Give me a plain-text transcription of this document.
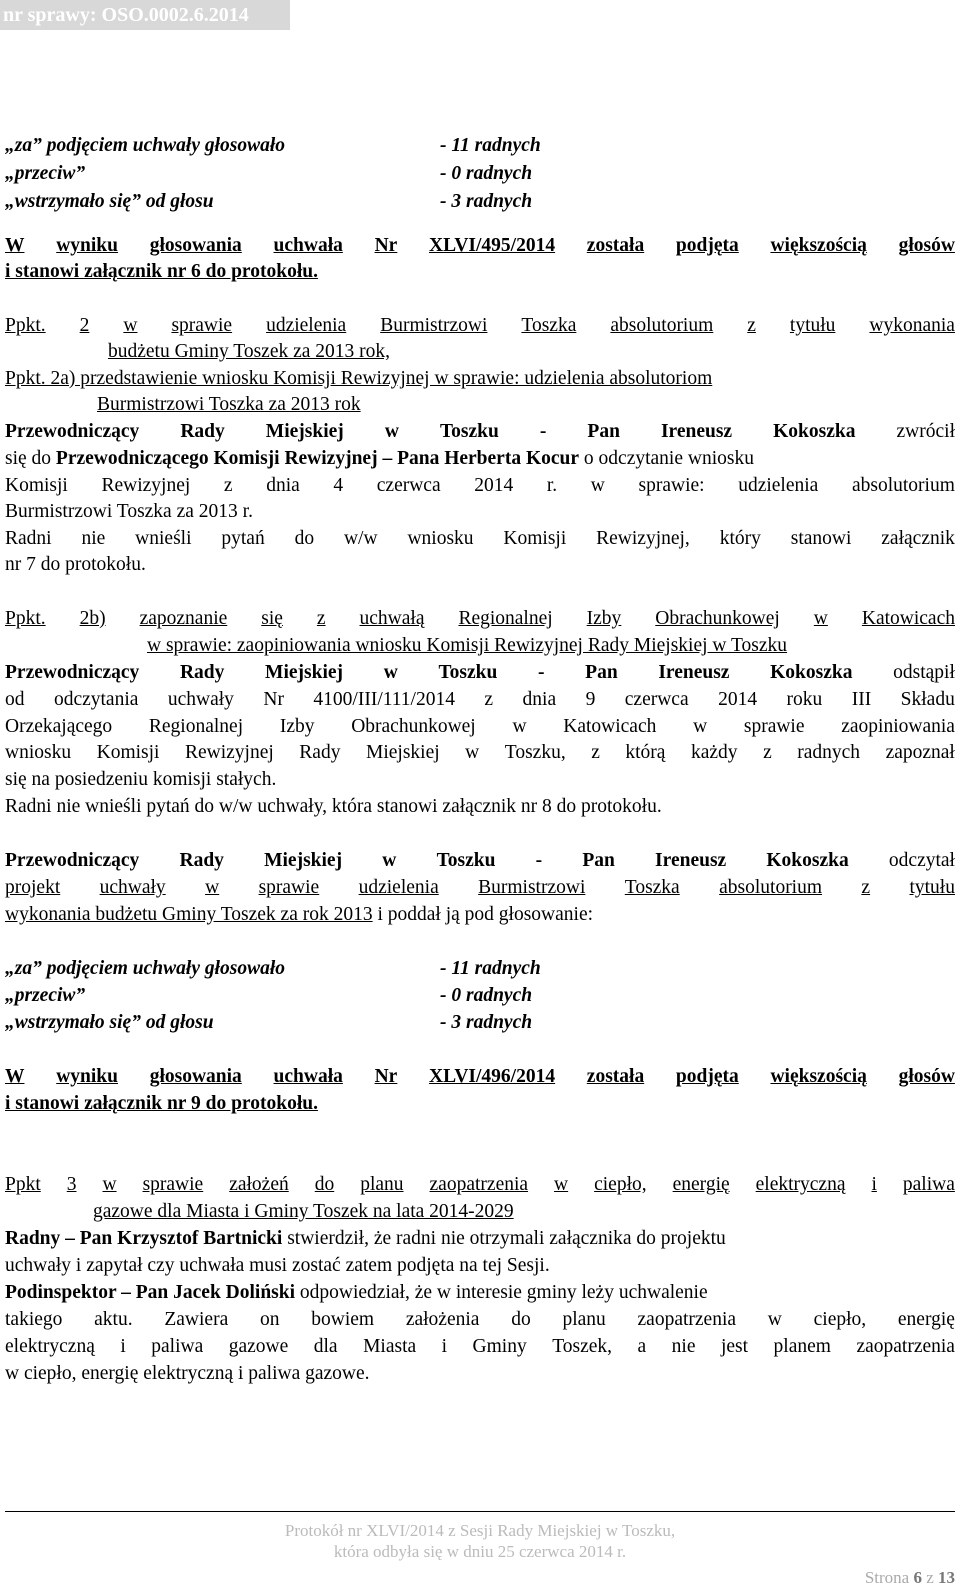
nr sprawy: OSO.0002.6.2014
„za” podjęciem uchwały głosowało	- 11 radnych
„przeciw”	- 0 radnych
„wstrzymało się” od głosu	- 3 radnych
W wyniku głosowania uchwała Nr XLVI/495/2014 została podjęta większością głosów
i stanowi załącznik nr 6 do protokołu.
Ppkt. 2 w sprawie udzielenia Burmistrzowi Toszka absolutorium z tytułu wykonania
budżetu Gminy Toszek za 2013 rok,
Ppkt. 2a) przedstawienie wniosku Komisji Rewizyjnej w sprawie: udzielenia absolutoriom
Burmistrzowi Toszka za 2013 rok
Przewodniczący Rady Miejskiej w Toszku - Pan Ireneusz Kokoszka zwrócił
się do Przewodniczącego Komisji Rewizyjnej – Pana Herberta Kocur o odczytanie wniosku
Komisji Rewizyjnej z dnia 4 czerwca 2014 r. w sprawie: udzielenia absolutorium
Burmistrzowi Toszka za 2013 r.
Radni nie wnieśli pytań do w/w wniosku Komisji Rewizyjnej, który stanowi załącznik
nr 7 do protokołu.
Ppkt. 2b) zapoznanie się z uchwałą Regionalnej Izby Obrachunkowej w Katowicach
w sprawie: zaopiniowania wniosku Komisji Rewizyjnej Rady Miejskiej w Toszku
Przewodniczący Rady Miejskiej w Toszku - Pan Ireneusz Kokoszka odstąpił
od odczytania uchwały Nr 4100/III/111/2014 z dnia 9 czerwca 2014 roku III Składu
Orzekającego Regionalnej Izby Obrachunkowej w Katowicach w sprawie zaopiniowania
wniosku Komisji Rewizyjnej Rady Miejskiej w Toszku, z którą każdy z radnych zapoznał
się na posiedzeniu komisji stałych.
Radni nie wnieśli pytań do w/w uchwały, która stanowi załącznik nr 8 do protokołu.
Przewodniczący Rady Miejskiej w Toszku - Pan Ireneusz Kokoszka odczytał
projekt uchwały w sprawie udzielenia Burmistrzowi Toszka absolutorium z tytułu
wykonania budżetu Gminy Toszek za rok 2013 i poddał ją pod głosowanie:
„za” podjęciem uchwały głosowało	- 11 radnych
„przeciw”	- 0 radnych
„wstrzymało się” od głosu	- 3 radnych
W wyniku głosowania uchwała Nr XLVI/496/2014 została podjęta większością głosów
i stanowi załącznik nr 9 do protokołu.
Ppkt 3 w sprawie założeń do planu zaopatrzenia w ciepło, energię elektryczną i paliwa
gazowe dla Miasta i Gminy Toszek na lata 2014-2029
Radny – Pan Krzysztof Bartnicki stwierdził, że radni nie otrzymali załącznika do projektu
uchwały i zapytał czy uchwała musi zostać zatem podjęta na tej Sesji.
Podinspektor – Pan Jacek Doliński odpowiedział, że w interesie gminy leży uchwalenie
takiego aktu. Zawiera on bowiem założenia do planu zaopatrzenia w ciepło, energię
elektryczną i paliwa gazowe dla Miasta i Gminy Toszek, a nie jest planem zaopatrzenia
w ciepło, energię elektryczną i paliwa gazowe.
Protokół nr XLVI/2014 z Sesji Rady Miejskiej w Toszku,
która odbyła się w dniu 25 czerwca 2014 r.
Strona 6 z 13
